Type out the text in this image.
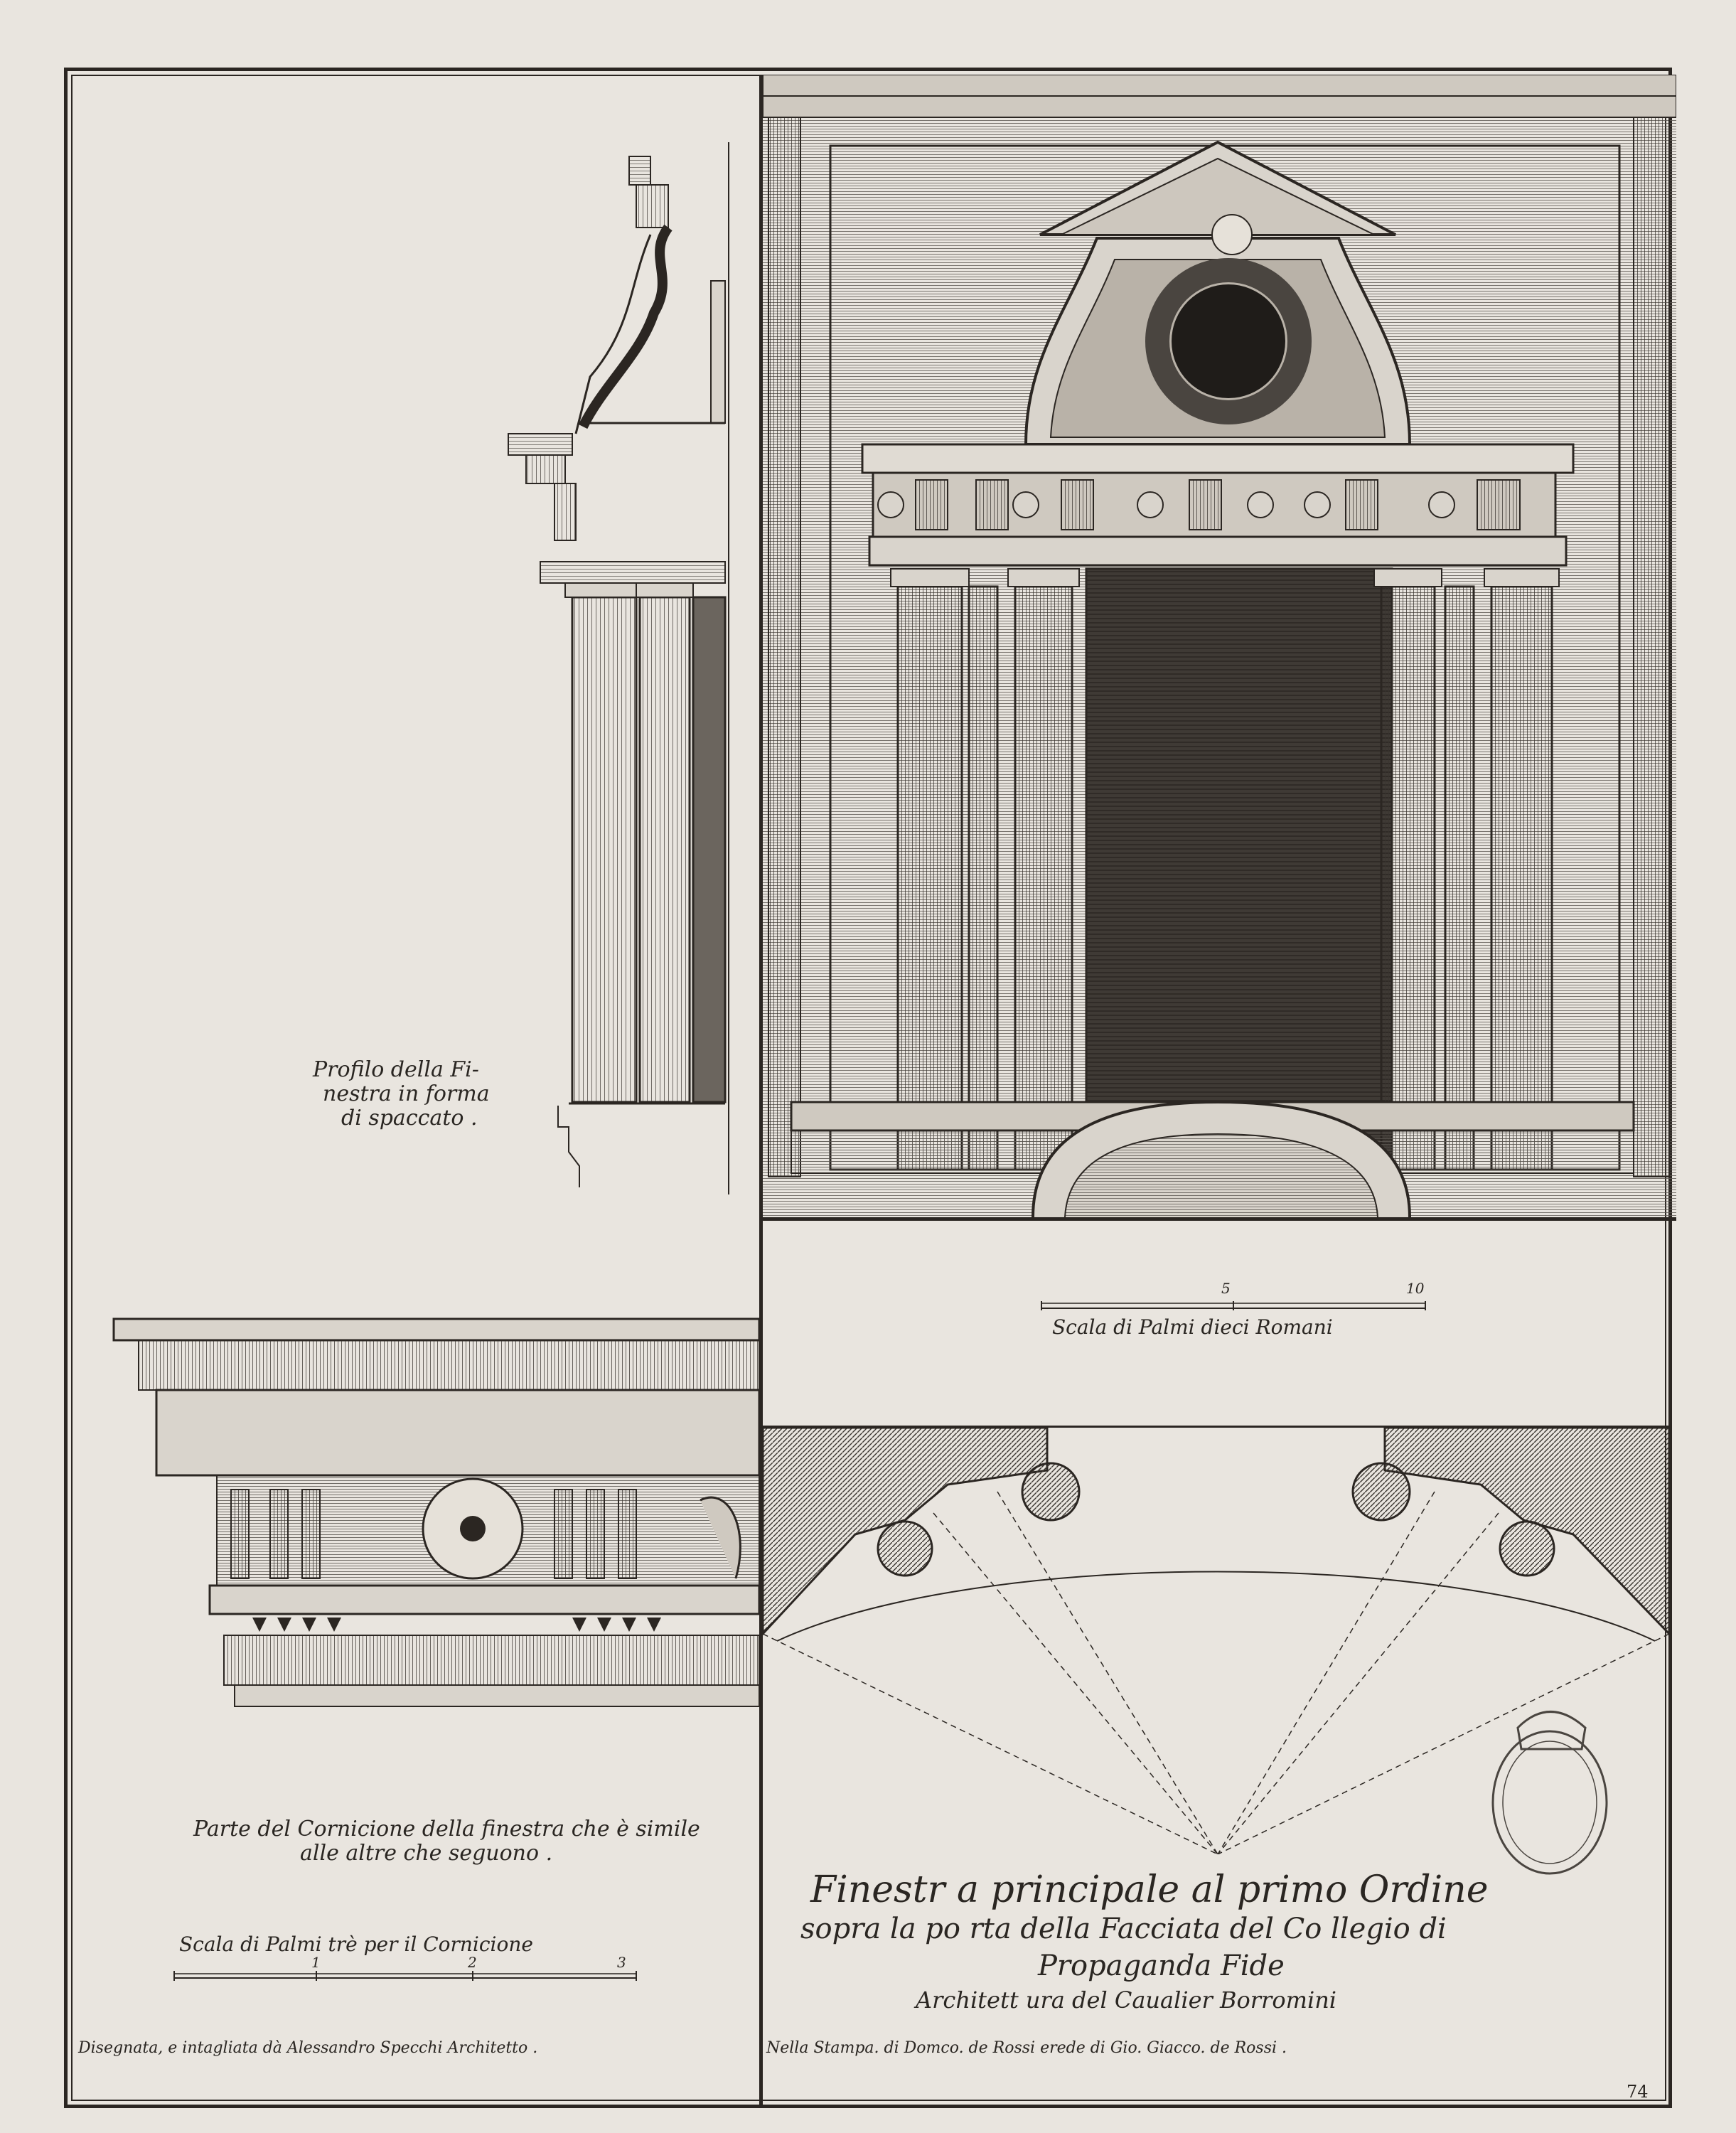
Profilo della Fi-
nestra in forma
di spaccato .
5	10
Scala di Palmi dieci Romani
Parte del Cornicione della finestra che è simile
alle altre che seguono .
Scala di Palmi trè per il Cornicione
1	2	3
Finestr a principale al primo Ordine
sopra la po rta della Facciata del Co llegio di
Propaganda Fide
Architett ura del Caualier Borromini
Disegnata, e intagliata dà Alessandro Specchi Architetto .	Nella Stampa. di Domco. de Rossi erede di Gio. Giacco. de Rossi .
74
